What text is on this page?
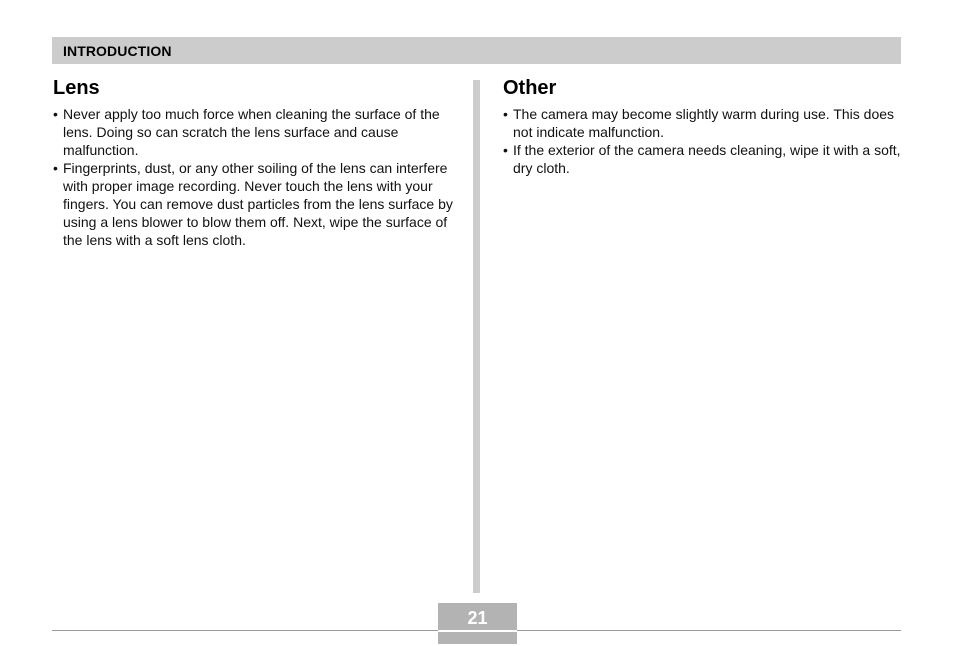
INTRODUCTION
Lens
• Never apply too much force when cleaning the surface of the lens. Doing so can scratch the lens surface and cause malfunction.
• Fingerprints, dust, or any other soiling of the lens can interfere with proper image recording. Never touch the lens with your fingers. You can remove dust particles from the lens surface by using a lens blower to blow them off. Next, wipe the surface of the lens with a soft lens cloth.
Other
• The camera may become slightly warm during use. This does not indicate malfunction.
• If the exterior of the camera needs cleaning, wipe it with a soft, dry cloth.
21
